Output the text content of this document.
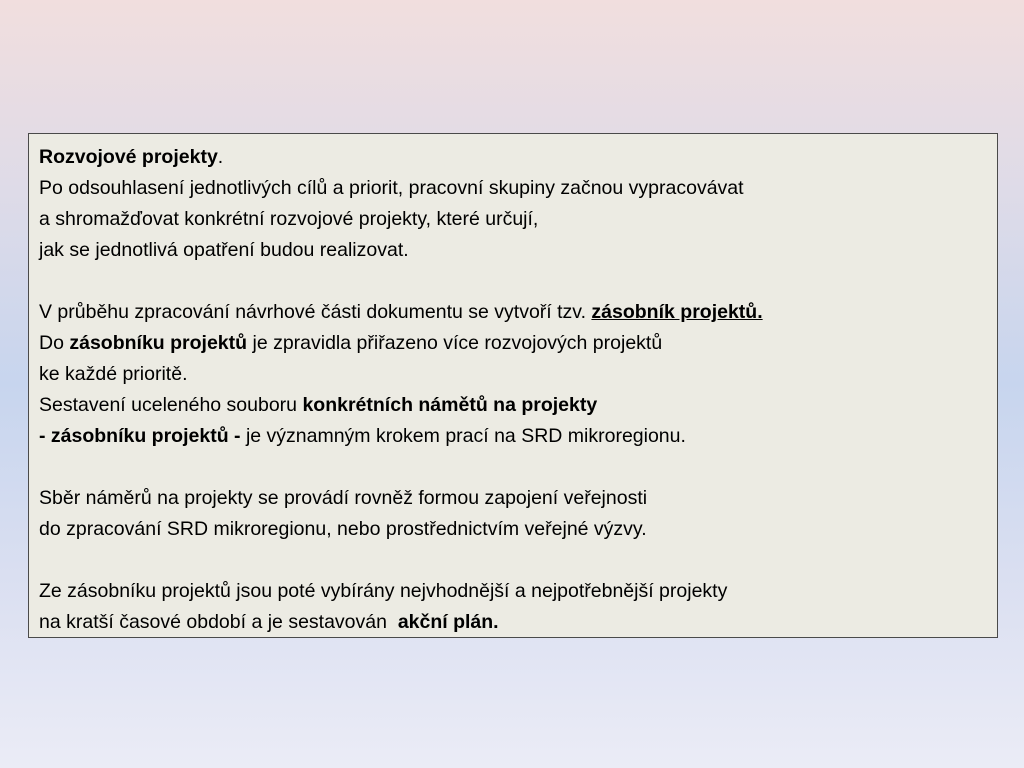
Rozvojové projekty.
Po odsouhlasení jednotlivých cílů a priorit, pracovní skupiny začnou vypracovávat
a shromažďovat konkrétní rozvojové projekty, které určují,
jak se jednotlivá opatření budou realizovat.
V průběhu zpracování návrhové části dokumentu se vytvoří tzv. zásobník projektů.
Do zásobníku projektů je zpravidla přiřazeno více rozvojových projektů
ke každé prioritě.
Sestavení uceleného souboru konkrétních námětů na projekty
- zásobníku projektů - je významným krokem prací na SRD mikroregionu.
Sběr náměrů na projekty se provádí rovněž formou zapojení veřejnosti
do zpracování SRD mikroregionu, nebo prostřednictvím veřejné výzvy.
Ze zásobníku projektů jsou poté vybírány nejvhodnější a nejpotřebnější projekty
na kratší časové období a je sestavován  akční plán.
